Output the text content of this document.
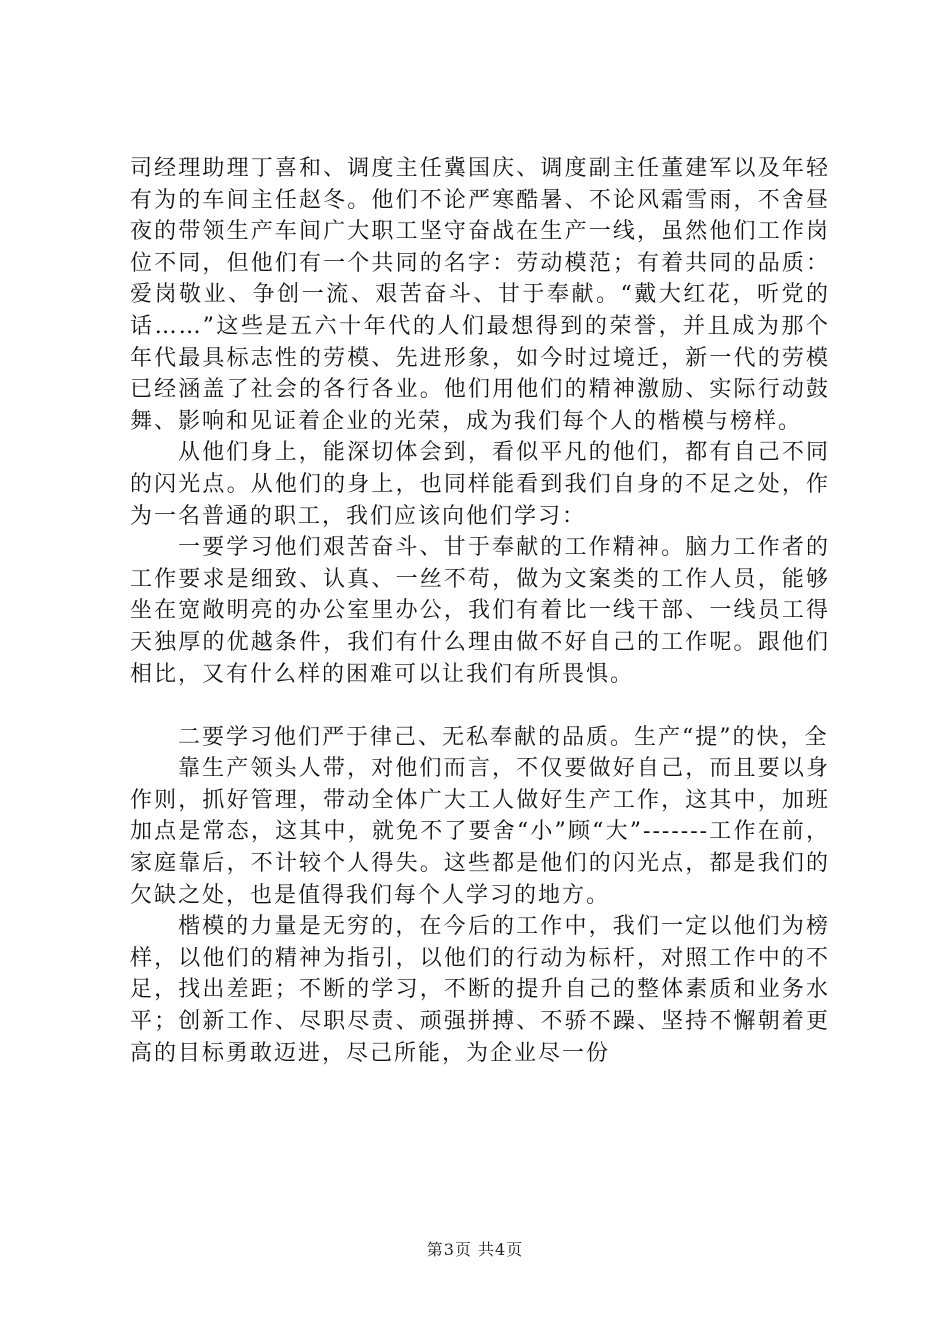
司经理助理丁喜和、调度主任冀国庆、调度副主任董建军以及年轻有为的车间主任赵冬。他们不论严寒酷暑、不论风霜雪雨，不舍昼夜的带领生产车间广大职工坚守奋战在生产一线，虽然他们工作岗位不同，但他们有一个共同的名字：劳动模范；有着共同的品质：爱岗敬业、争创一流、艰苦奋斗、甘于奉献。“戴大红花，听党的话……”这些是五六十年代的人们最想得到的荣誉，并且成为那个年代最具标志性的劳模、先进形象，如今时过境迁，新一代的劳模已经涵盖了社会的各行各业。他们用他们的精神激励、实际行动鼓舞、影响和见证着企业的光荣，成为我们每个人的楷模与榜样。

从他们身上，能深切体会到，看似平凡的他们，都有自己不同的闪光点。从他们的身上，也同样能看到我们自身的不足之处，作为一名普通的职工，我们应该向他们学习：

一要学习他们艰苦奋斗、甘于奉献的工作精神。脑力工作者的工作要求是细致、认真、一丝不苟，做为文案类的工作人员，能够坐在宽敞明亮的办公室里办公，我们有着比一线干部、一线员工得天独厚的优越条件，我们有什么理由做不好自己的工作呢。跟他们相比，又有什么样的困难可以让我们有所畏惧。

二要学习他们严于律己、无私奉献的品质。生产“提”的快，全

靠生产领头人带，对他们而言，不仅要做好自己，而且要以身作则，抓好管理，带动全体广大工人做好生产工作，这其中，加班加点是常态，这其中，就免不了要舍“小”顾“大”-------工作在前，家庭靠后，不计较个人得失。这些都是他们的闪光点，都是我们的欠缺之处，也是值得我们每个人学习的地方。

楷模的力量是无穷的，在今后的工作中，我们一定以他们为榜样，以他们的精神为指引，以他们的行动为标杆，对照工作中的不足，找出差距；不断的学习，不断的提升自己的整体素质和业务水平；创新工作、尽职尽责、顽强拼搏、不骄不躁、坚持不懈朝着更高的目标勇敢迈进，尽己所能，为企业尽一份

第3页 共4页
